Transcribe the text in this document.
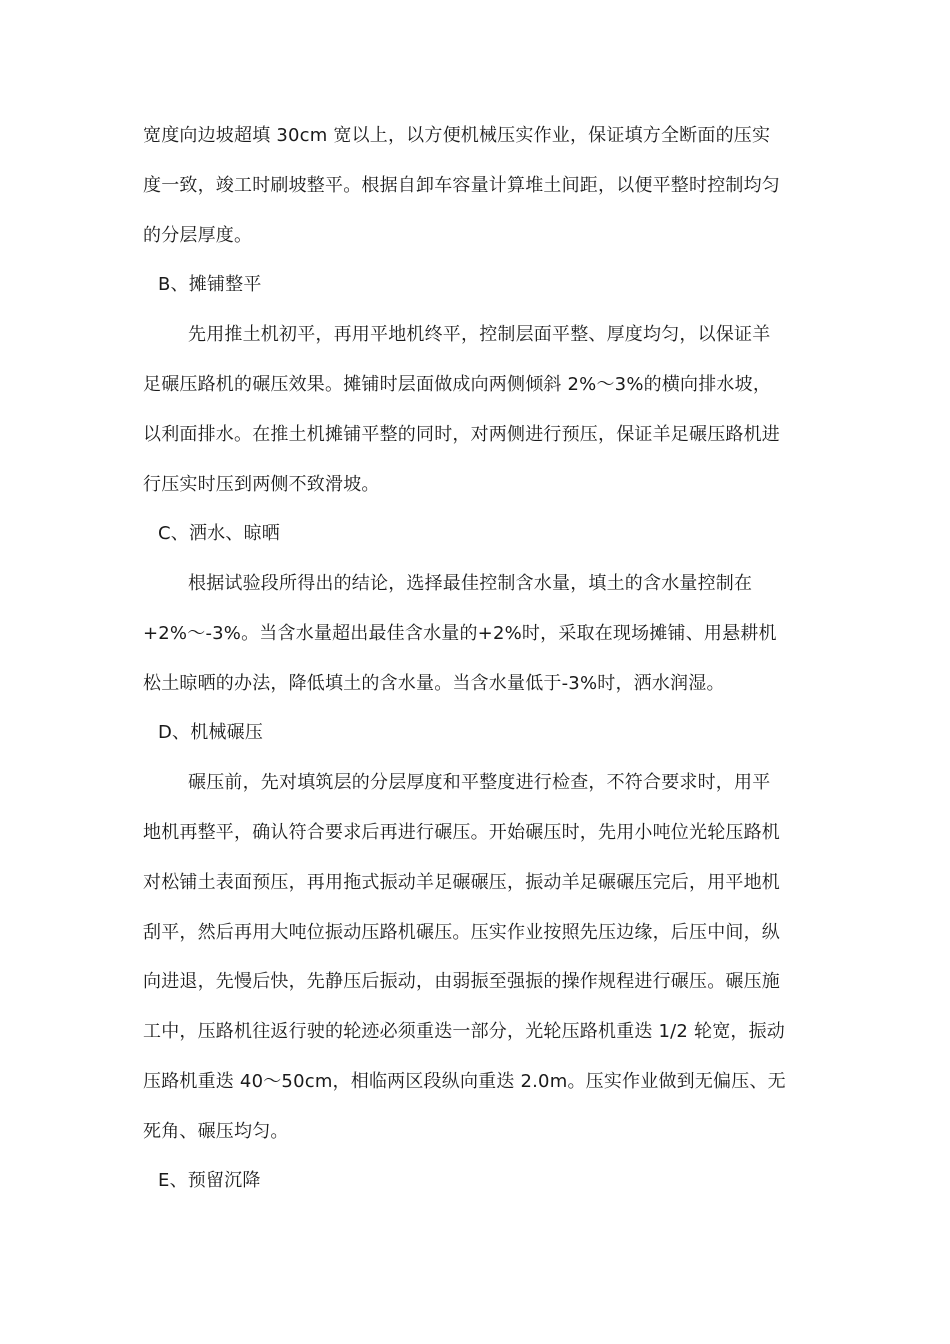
宽度向边坡超填 30cm 宽以上，以方便机械压实作业，保证填方全断面的压实
度一致，竣工时刷坡整平。根据自卸车容量计算堆土间距，以便平整时控制均匀
的分层厚度。
B、摊铺整平
先用推土机初平，再用平地机终平，控制层面平整、厚度均匀，以保证羊
足碾压路机的碾压效果。摊铺时层面做成向两侧倾斜 2%～3%的横向排水坡，
以利面排水。在推土机摊铺平整的同时，对两侧进行预压，保证羊足碾压路机进
行压实时压到两侧不致滑坡。
C、洒水、晾晒
根据试验段所得出的结论，选择最佳控制含水量，填土的含水量控制在
+2%～-3%。当含水量超出最佳含水量的+2%时，采取在现场摊铺、用悬耕机
松土晾晒的办法，降低填土的含水量。当含水量低于-3%时，洒水润湿。
D、机械碾压
碾压前，先对填筑层的分层厚度和平整度进行检查，不符合要求时，用平
地机再整平，确认符合要求后再进行碾压。开始碾压时，先用小吨位光轮压路机
对松铺土表面预压，再用拖式振动羊足碾碾压，振动羊足碾碾压完后，用平地机
刮平，然后再用大吨位振动压路机碾压。压实作业按照先压边缘，后压中间，纵
向进退，先慢后快，先静压后振动，由弱振至强振的操作规程进行碾压。碾压施
工中，压路机往返行驶的轮迹必须重迭一部分，光轮压路机重迭 1/2 轮宽，振动
压路机重迭 40～50cm，相临两区段纵向重迭 2.0m。压实作业做到无偏压、无
死角、碾压均匀。
E、预留沉降
